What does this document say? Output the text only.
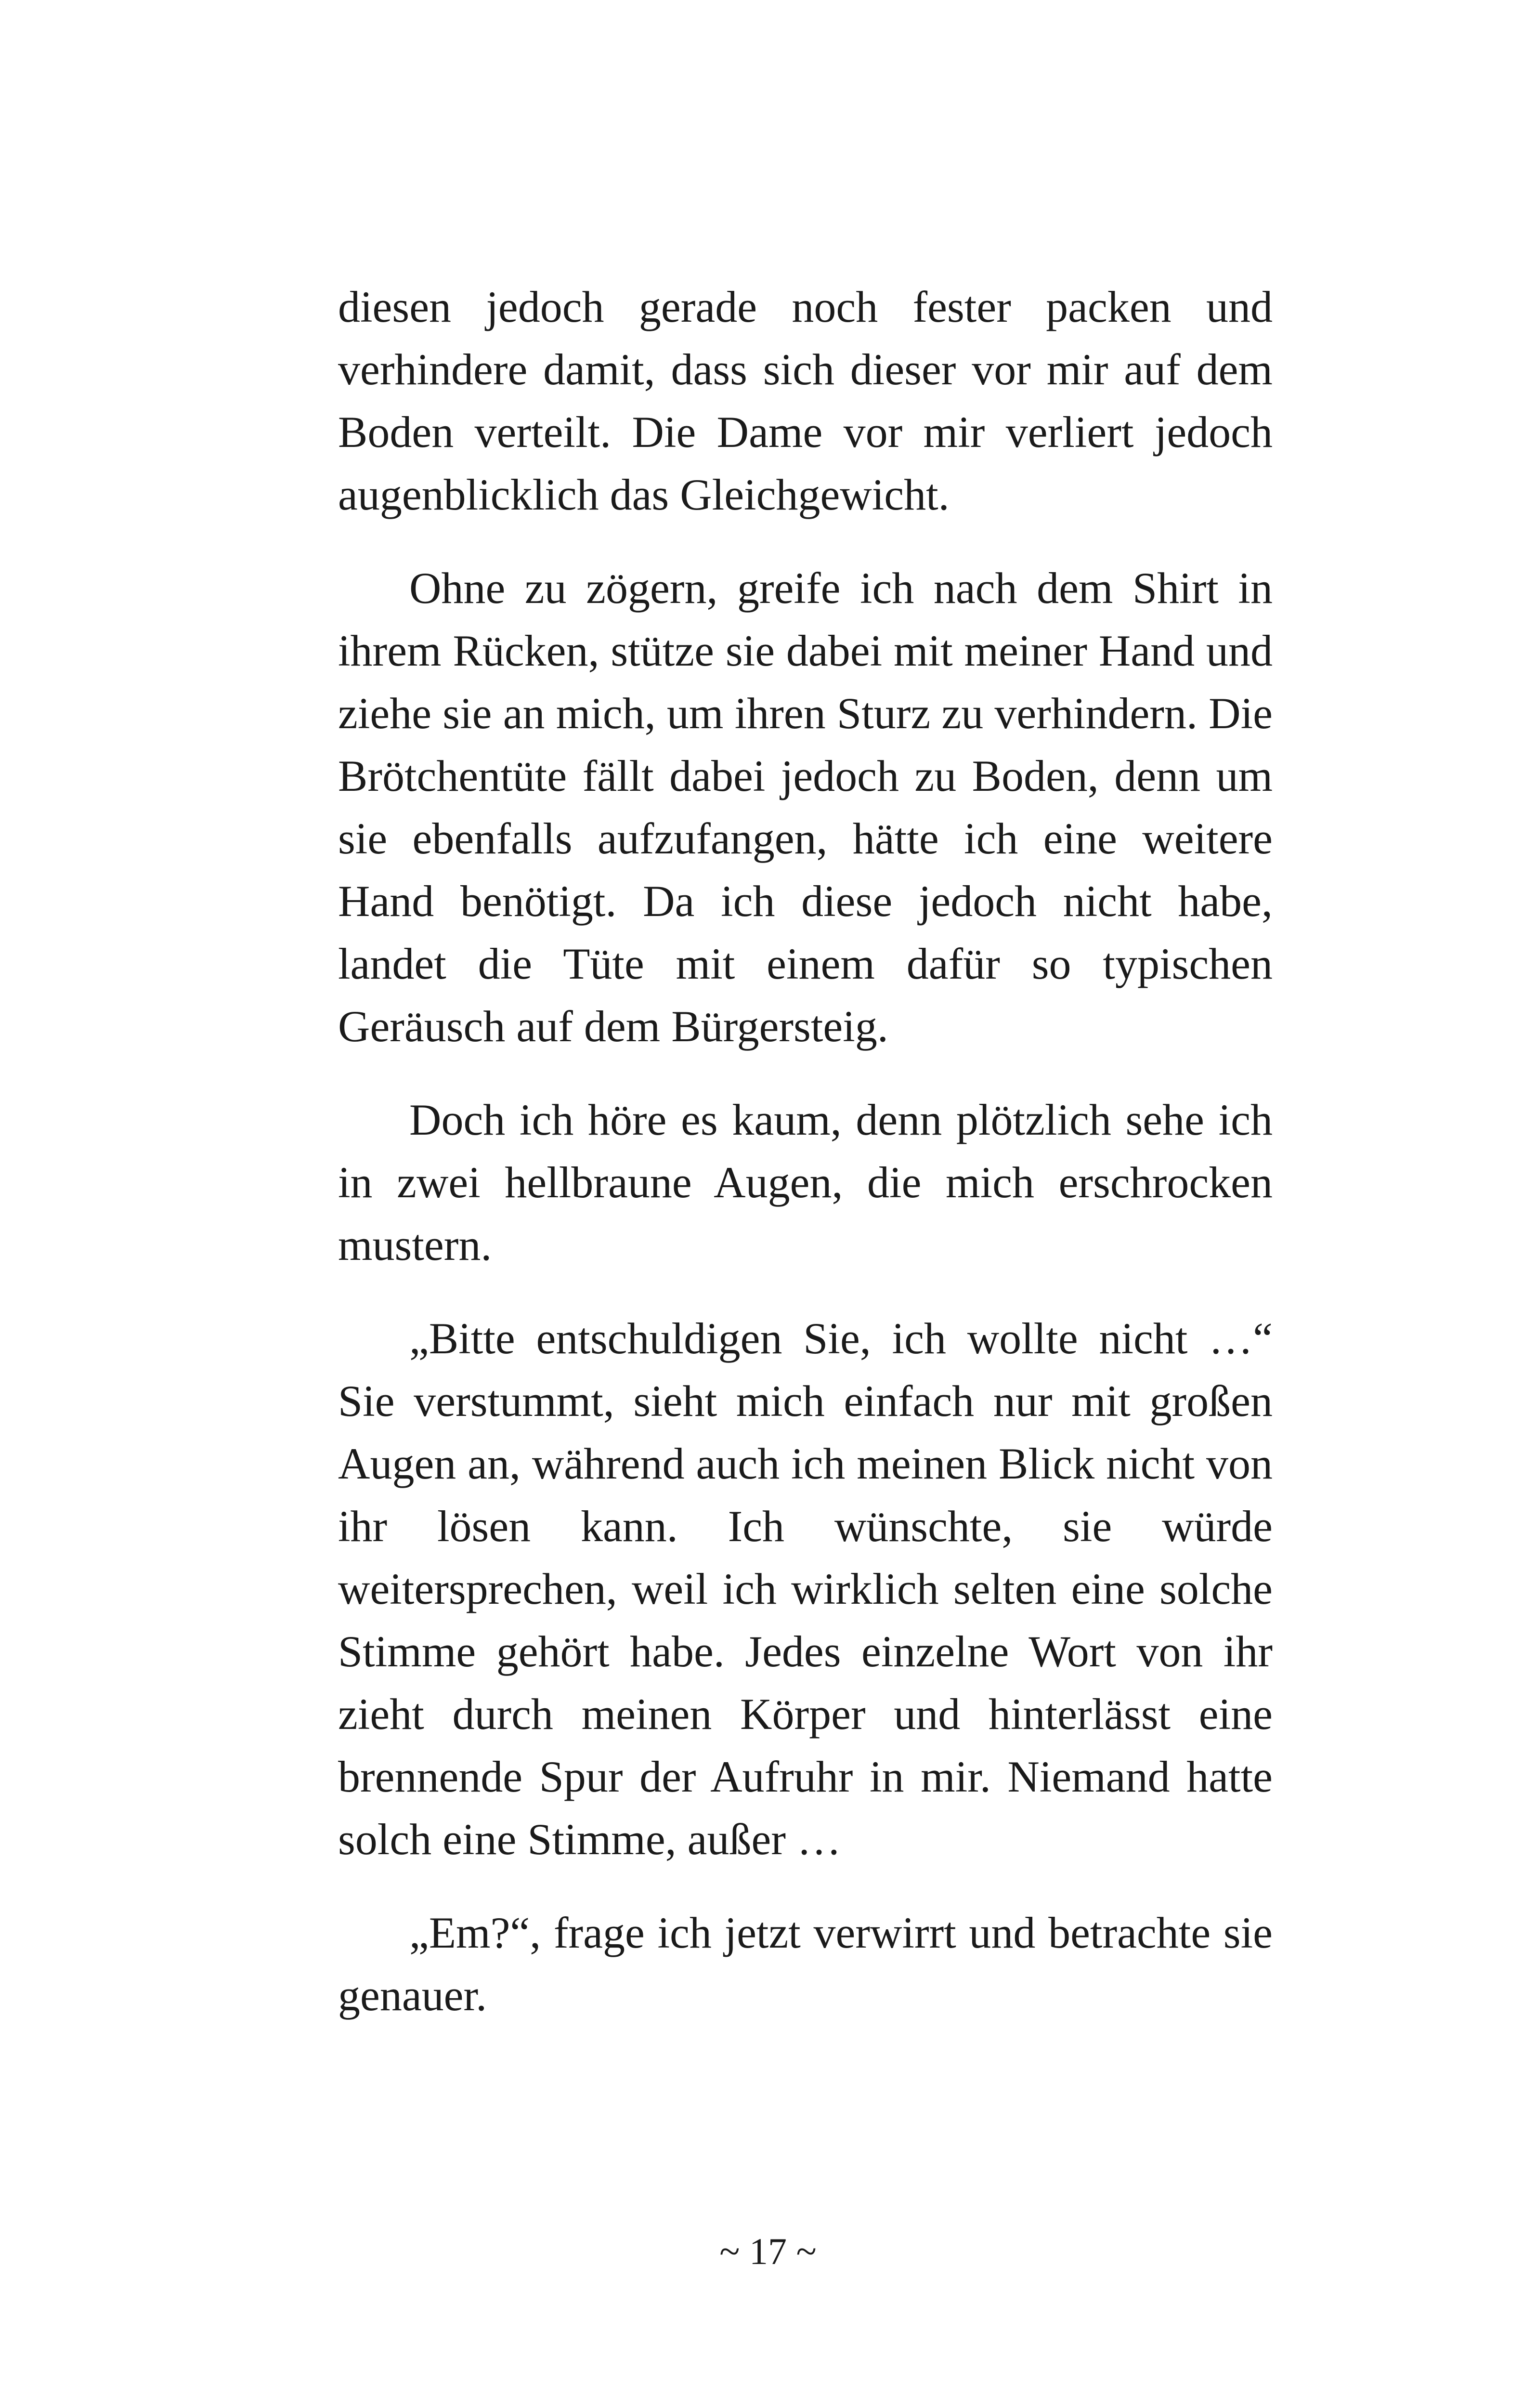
diesen jedoch gerade noch fester packen und verhindere damit, dass sich dieser vor mir auf dem Boden verteilt. Die Dame vor mir verliert jedoch augenblicklich das Gleichgewicht.

Ohne zu zögern, greife ich nach dem Shirt in ihrem Rücken, stütze sie dabei mit meiner Hand und ziehe sie an mich, um ihren Sturz zu verhindern. Die Brötchentüte fällt dabei jedoch zu Boden, denn um sie ebenfalls aufzufangen, hätte ich eine weitere Hand benötigt. Da ich diese jedoch nicht habe, landet die Tüte mit einem dafür so typischen Geräusch auf dem Bürgersteig.

Doch ich höre es kaum, denn plötzlich sehe ich in zwei hellbraune Augen, die mich erschrocken mustern.

„Bitte entschuldigen Sie, ich wollte nicht …“ Sie verstummt, sieht mich einfach nur mit großen Augen an, während auch ich meinen Blick nicht von ihr lösen kann. Ich wünschte, sie würde weitersprechen, weil ich wirklich selten eine solche Stimme gehört habe. Jedes einzelne Wort von ihr zieht durch meinen Körper und hinterlässt eine brennende Spur der Aufruhr in mir. Niemand hatte solch eine Stimme, außer …

„Em?“, frage ich jetzt verwirrt und betrachte sie genauer.

~ 17 ~
